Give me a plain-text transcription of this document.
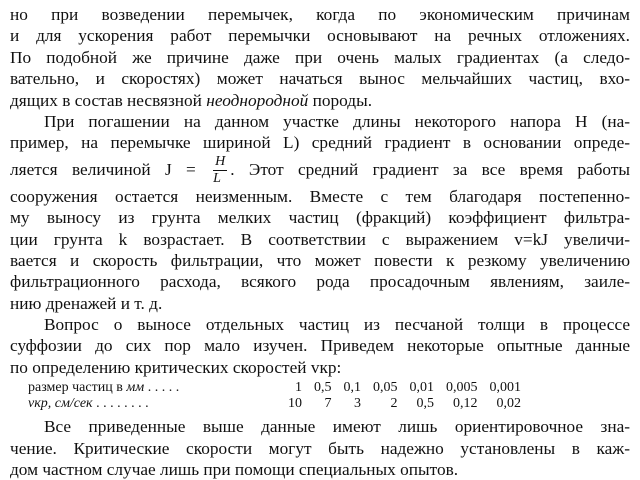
но при возведении перемычек, когда по экономическим причинам
и для ускорения работ перемычки основывают на речных отложениях.
По подобной же причине даже при очень малых градиентах (а следо-
вательно, и скоростях) может начаться вынос мельчайших частиц, вхо-
дящих в состав несвязной неоднородной породы.
При погашении на данном участке длины некоторого напора H (на-
пример, на перемычке шириной L) средний градиент в основании опреде-
ляется величиной $J = \frac{H}{L}$ . Этот средний градиент за все время работы
сооружения остается неизменным. Вместе с тем благодаря постепенно-
му выносу из грунта мелких частиц (фракций) коэффициент фильтра-
ции грунта k возрастает. В соответствии с выражением v=kJ увеличи-
вается и скорость фильтрации, что может повести к резкому увеличению
фильтрационного расхода, всякого рода просадочным явлениям, заиле-
нию дренажей и т. д.
Вопрос о выносе отдельных частиц из песчаной толщи в процессе
суффозии до сих пор мало изучен. Приведем некоторые опытные данные
по определению критических скоростей vкр:
размер частиц в мм . . . . .	1	0,5	0,1	0,05	0,01	0,005	0,001
vкр, см/сек . . . . . . . .	10	7	3	2	0,5	0,12	0,02
Все приведенные выше данные имеют лишь ориентировочное зна-
чение. Критические скорости могут быть надежно установлены в каж-
дом частном случае лишь при помощи специальных опытов.
